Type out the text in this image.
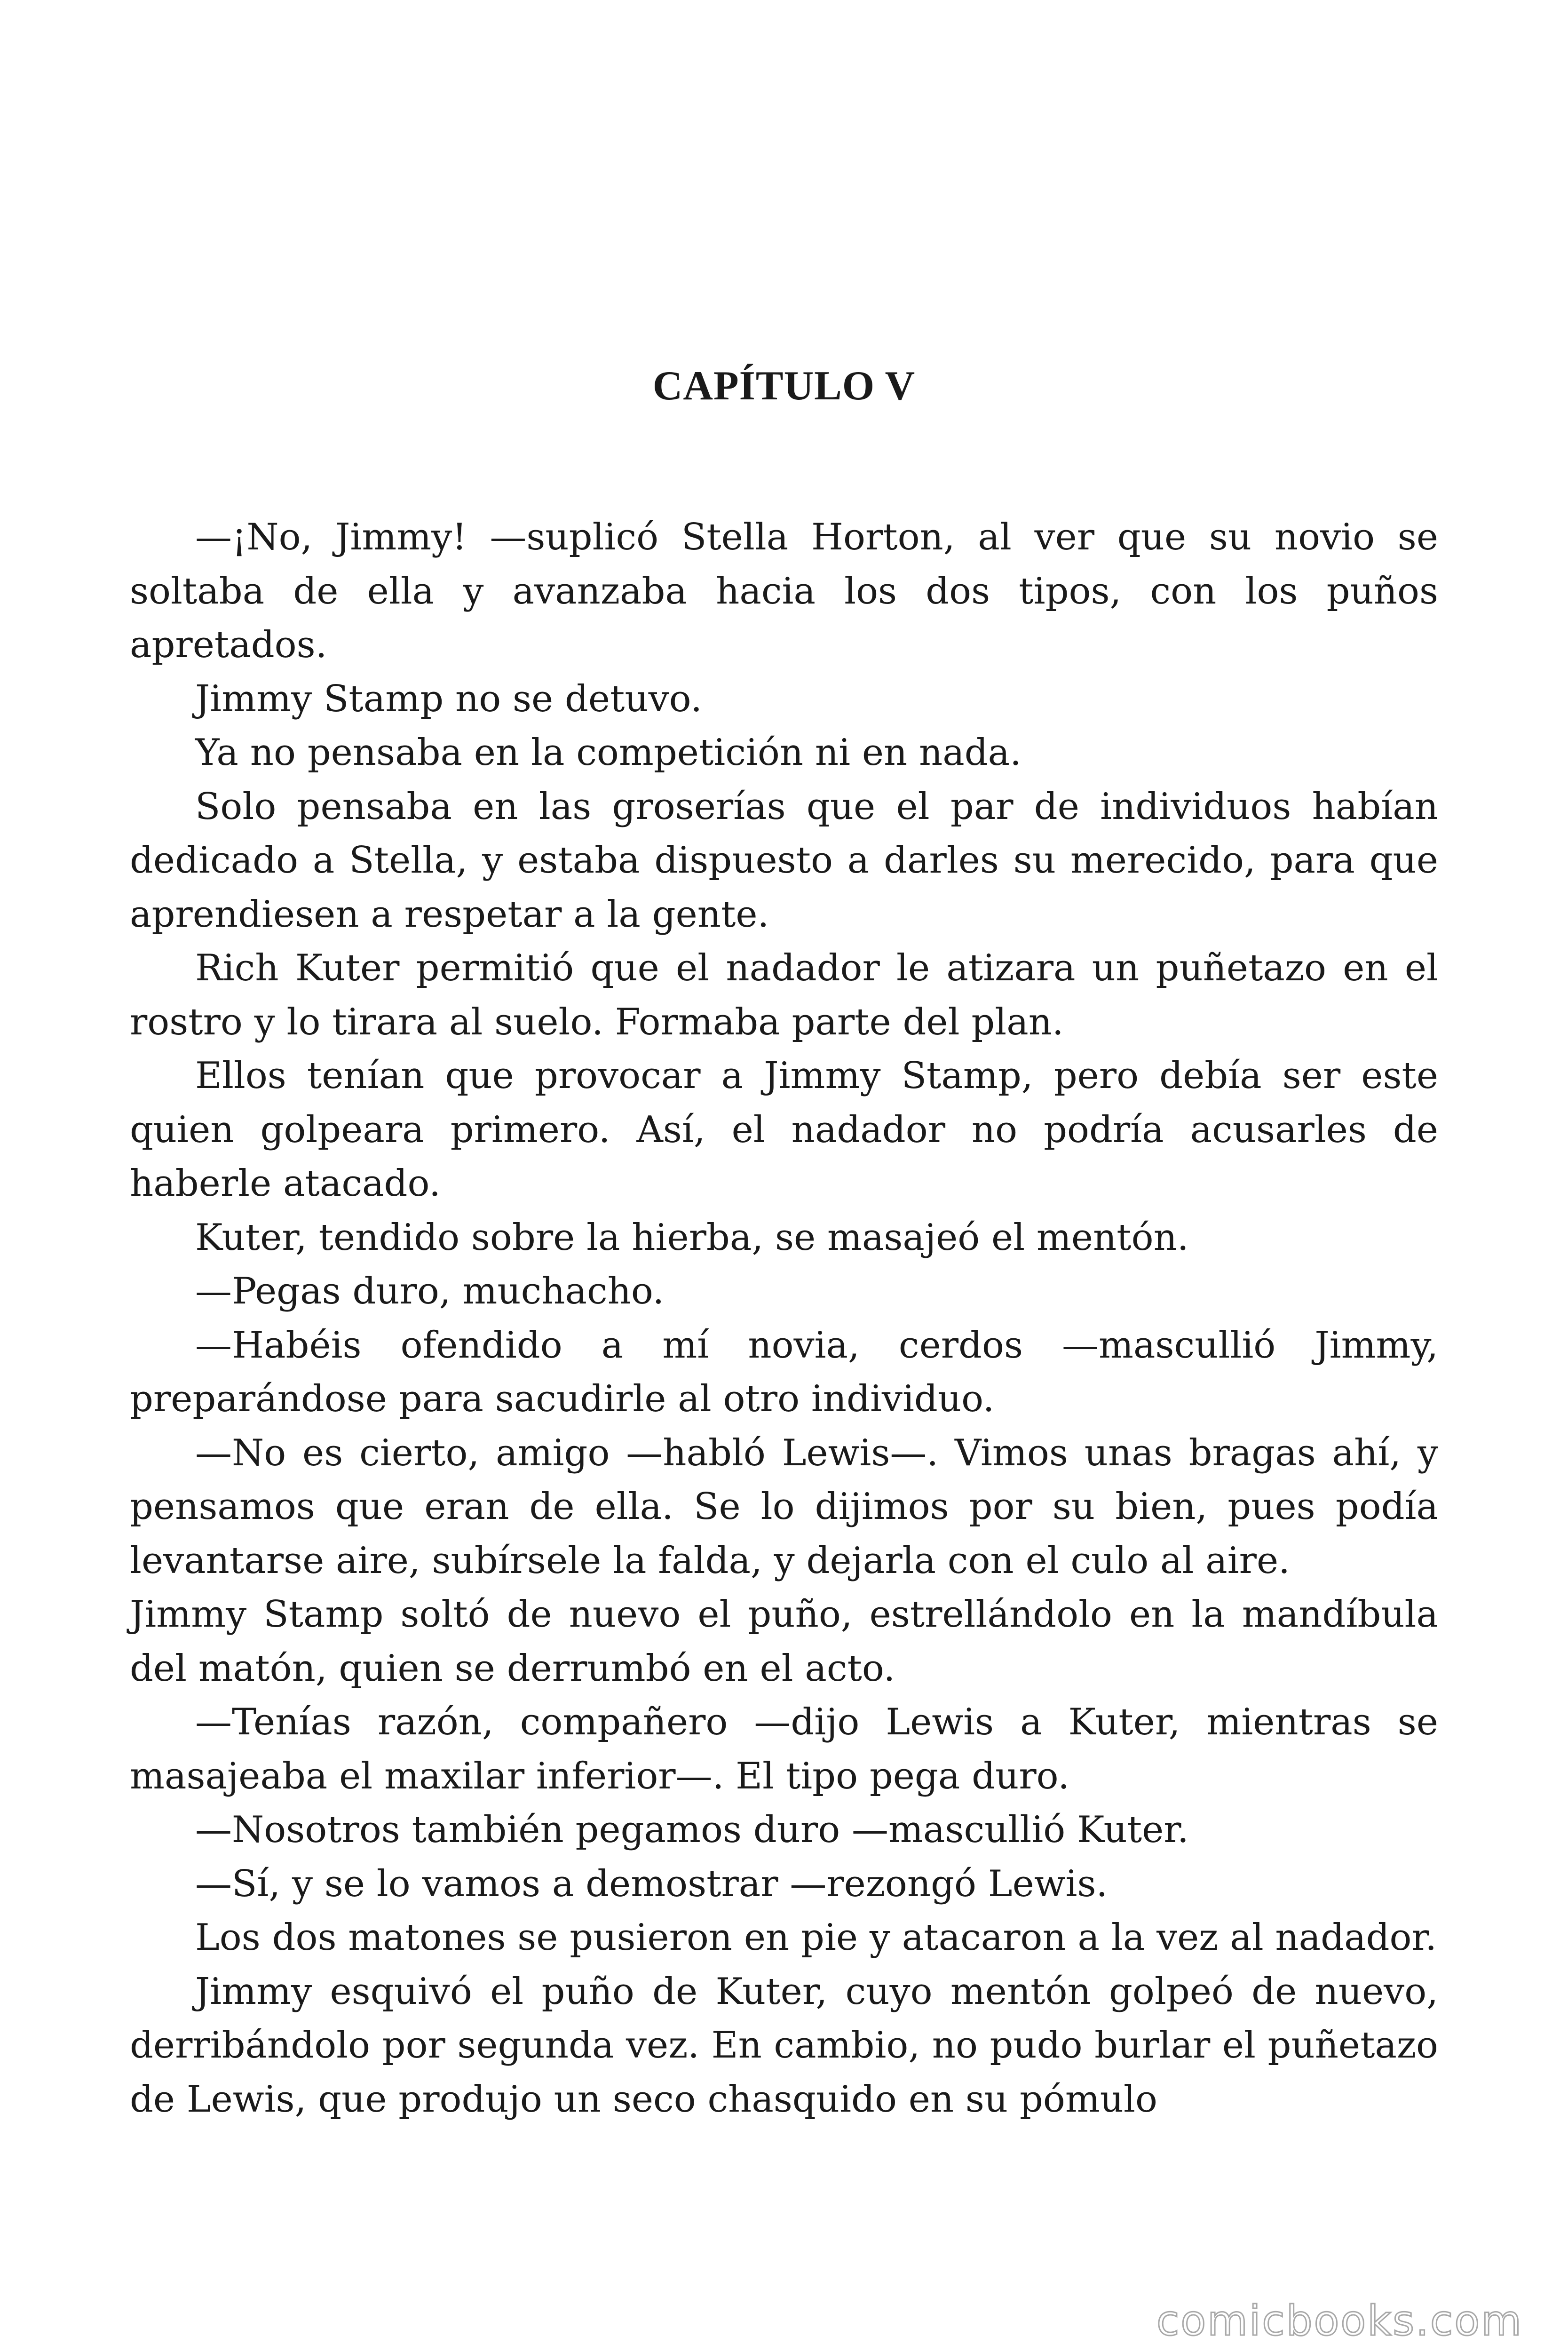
CAPÍTULO V

—¡No, Jimmy! —suplicó Stella Horton, al ver que su novio se soltaba de ella y avanzaba hacia los dos tipos, con los puños apretados.

Jimmy Stamp no se detuvo.

Ya no pensaba en la competición ni en nada.

Solo pensaba en las groserías que el par de individuos habían dedicado a Stella, y estaba dispuesto a darles su merecido, para que aprendiesen a respetar a la gente.

Rich Kuter permitió que el nadador le atizara un puñetazo en el rostro y lo tirara al suelo. Formaba parte del plan.

Ellos tenían que provocar a Jimmy Stamp, pero debía ser este quien golpeara primero. Así, el nadador no podría acusarles de haberle atacado.

Kuter, tendido sobre la hierba, se masajeó el mentón.

—Pegas duro, muchacho.

—Habéis ofendido a mí novia, cerdos —mascullió Jimmy, preparándose para sacudirle al otro individuo.

—No es cierto, amigo —habló Lewis—. Vimos unas bragas ahí, y pensamos que eran de ella. Se lo dijimos por su bien, pues podía levantarse aire, subírsele la falda, y dejarla con el culo al aire.

Jimmy Stamp soltó de nuevo el puño, estrellándolo en la mandíbula del matón, quien se derrumbó en el acto.

—Tenías razón, compañero —dijo Lewis a Kuter, mientras se masajeaba el maxilar inferior—. El tipo pega duro.

—Nosotros también pegamos duro —mascullió Kuter.

—Sí, y se lo vamos a demostrar —rezongó Lewis.

Los dos matones se pusieron en pie y atacaron a la vez al nadador.

Jimmy esquivó el puño de Kuter, cuyo mentón golpeó de nuevo, derribándolo por segunda vez. En cambio, no pudo burlar el puñetazo de Lewis, que produjo un seco chasquido en su pómulo

comicbooks.com
